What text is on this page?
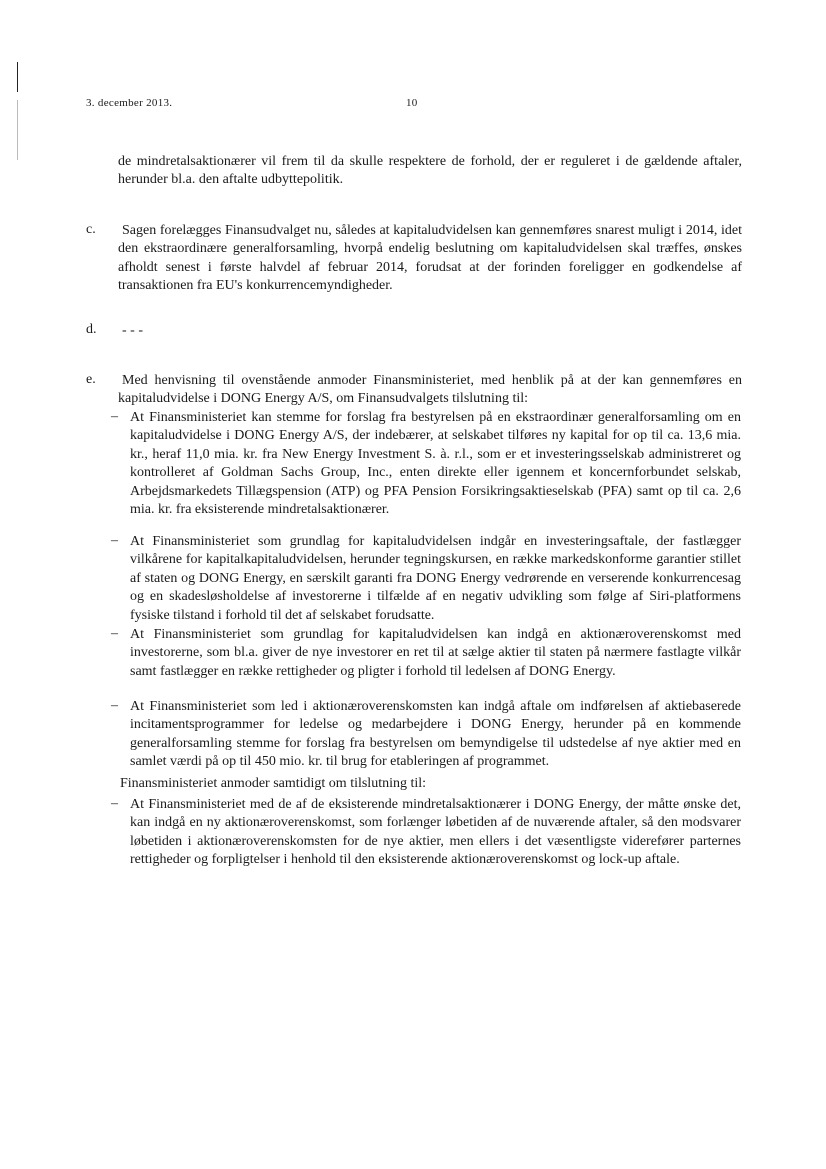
3. december 2013.	10
de mindretalsaktionærer vil frem til da skulle respektere de forhold, der er reguleret i de gældende aftaler, herunder bl.a. den aftalte udbyttepolitik.
c. Sagen forelægges Finansudvalget nu, således at kapitaludvidelsen kan gennemføres snarest muligt i 2014, idet den ekstraordinære generalforsamling, hvorpå endelig beslutning om kapitaludvidelsen skal træffes, ønskes afholdt senest i første halvdel af februar 2014, forudsat at der forinden foreligger en godkendelse af transaktionen fra EU's konkurrencemyndigheder.
d. - - -
e. Med henvisning til ovenstående anmoder Finansministeriet, med henblik på at der kan gennemføres en kapitaludvidelse i DONG Energy A/S, om Finansudvalgets tilslutning til:
– At Finansministeriet kan stemme for forslag fra bestyrelsen på en ekstraordinær generalforsamling om en kapitaludvidelse i DONG Energy A/S, der indebærer, at selskabet tilføres ny kapital for op til ca. 13,6 mia. kr., heraf 11,0 mia. kr. fra New Energy Investment S. à. r.l., som er et investeringsselskab administreret og kontrolleret af Goldman Sachs Group, Inc., enten direkte eller igennem et koncernforbundet selskab, Arbejdsmarkedets Tillægspension (ATP) og PFA Pension Forsikringsaktieselskab (PFA) samt op til ca. 2,6 mia. kr. fra eksisterende mindretalsaktionærer.
– At Finansministeriet som grundlag for kapitaludvidelsen indgår en investeringsaftale, der fastlægger vilkårene for kapitalkapitaludvidelsen, herunder tegningskursen, en række markedskonforme garantier stillet af staten og DONG Energy, en særskilt garanti fra DONG Energy vedrørende en verserende konkurrencesag og en skadesløsholdelse af investorerne i tilfælde af en negativ udvikling som følge af Siri-platformens fysiske tilstand i forhold til det af selskabet forudsatte.
– At Finansministeriet som grundlag for kapitaludvidelsen kan indgå en aktionæroverenskomst med investorerne, som bl.a. giver de nye investorer en ret til at sælge aktier til staten på nærmere fastlagte vilkår samt fastlægger en række rettigheder og pligter i forhold til ledelsen af DONG Energy.
– At Finansministeriet som led i aktionæroverenskomsten kan indgå aftale om indførelsen af aktiebaserede incitamentsprogrammer for ledelse og medarbejdere i DONG Energy, herunder på en kommende generalforsamling stemme for forslag fra bestyrelsen om bemyndigelse til udstedelse af nye aktier med en samlet værdi på op til 450 mio. kr. til brug for etableringen af programmet.
Finansministeriet anmoder samtidigt om tilslutning til:
– At Finansministeriet med de af de eksisterende mindretalsaktionærer i DONG Energy, der måtte ønske det, kan indgå en ny aktionæroverenskomst, som forlænger løbetiden af de nuværende aftaler, så den modsvarer løbetiden i aktionæroverenskomsten for de nye aktier, men ellers i det væsentligste viderefører parternes rettigheder og forpligtelser i henhold til den eksisterende aktionæroverenskomst og lock-up aftale.
